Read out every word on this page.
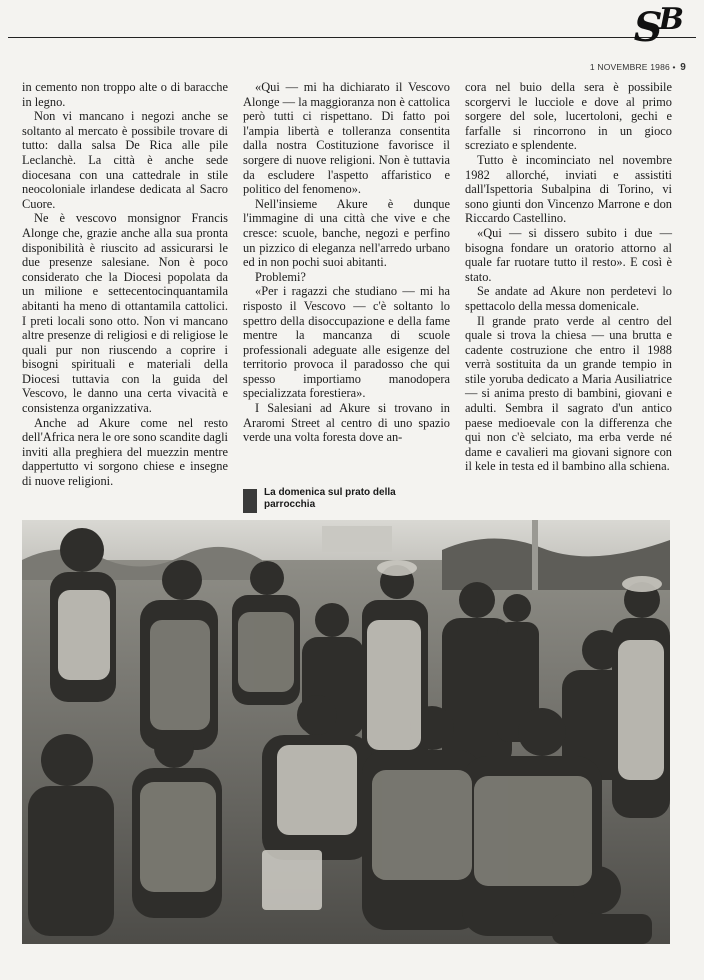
SB
1 NOVEMBRE 1986 • 9

in cemento non troppo alte o di baracche in legno.

Non vi mancano i negozi anche se soltanto al mercato è possibile trovare di tutto: dalla salsa De Rica alle pile Leclanchè. La città è anche sede diocesana con una cattedrale in stile neocoloniale irlandese dedicata al Sacro Cuore.

Ne è vescovo monsignor Francis Alonge che, grazie anche alla sua pronta disponibilità è riuscito ad assicurarsi le due presenze salesiane. Non è poco considerato che la Diocesi popolata da un milione e settecentocinquantamila abitanti ha meno di ottantamila cattolici. I preti locali sono otto. Non vi mancano altre presenze di religiosi e di religiose le quali pur non riuscendo a coprire i bisogni spirituali e materiali della Diocesi tuttavia con la guida del Vescovo, le danno una certa vivacità e consistenza organizzativa.

Anche ad Akure come nel resto dell'Africa nera le ore sono scandite dagli inviti alla preghiera del muezzin mentre dappertutto vi sorgono chiese e insegne di nuove religioni.

«Qui — mi ha dichiarato il Vescovo Alonge — la maggioranza non è cattolica però tutti ci rispettano. Di fatto poi l'ampia libertà e tolleranza consentita dalla nostra Costituzione favorisce il sorgere di nuove religioni. Non è tuttavia da escludere l'aspetto affaristico e politico del fenomeno».

Nell'insieme Akure è dunque l'immagine di una città che vive e che cresce: scuole, banche, negozi e perfino un pizzico di eleganza nell'arredo urbano ed in non pochi suoi abitanti.

Problemi?

«Per i ragazzi che studiano — mi ha risposto il Vescovo — c'è soltanto lo spettro della disoccupazione e della fame mentre la mancanza di scuole professionali adeguate alle esigenze del territorio provoca il paradosso che qui spesso importiamo manodopera specializzata forestiera».

I Salesiani ad Akure si trovano in Araromi Street al centro di uno spazio verde una volta foresta dove an-

cora nel buio della sera è possibile scorgervi le lucciole e dove al primo sorgere del sole, lucertoloni, gechi e farfalle si rincorrono in un gioco screziato e splendente.

Tutto è incominciato nel novembre 1982 allorché, inviati e assistiti dall'Ispettoria Subalpina di Torino, vi sono giunti don Vincenzo Marrone e don Riccardo Castellino.

«Qui — si dissero subito i due — bisogna fondare un oratorio attorno al quale far ruotare tutto il resto». E così è stato.

Se andate ad Akure non perdetevi lo spettacolo della messa domenicale.

Il grande prato verde al centro del quale si trova la chiesa — una brutta e cadente costruzione che entro il 1988 verrà sostituita da un grande tempio in stile yoruba dedicato a Maria Ausiliatrice — si anima presto di bambini, giovani e adulti. Sembra il sagrato d'un antico paese medioevale con la differenza che qui non c'è selciato, ma erba verde né dame e cavalieri ma giovani signore con il kele in testa ed il bambino alla schiena.

La domenica sul prato della parrocchia
